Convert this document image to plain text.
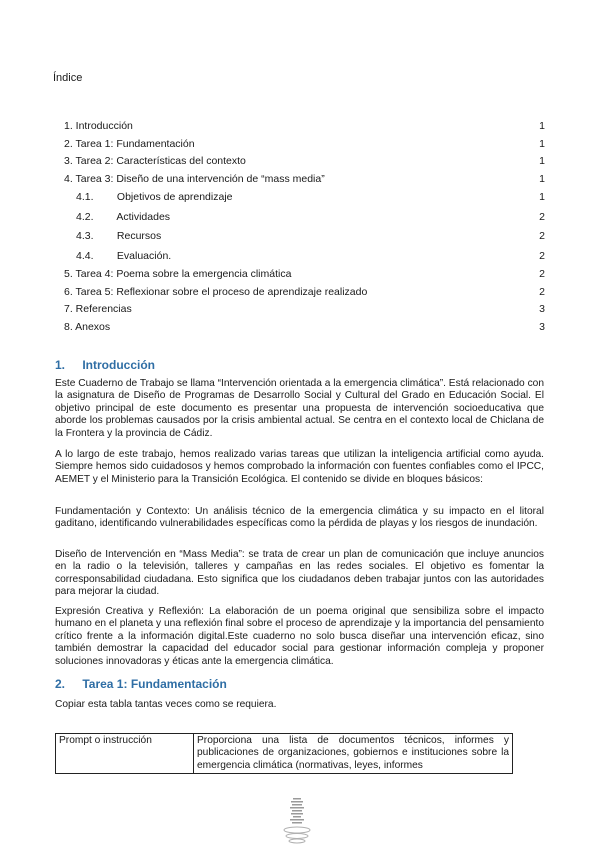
Índice
1. Introducción	1
2. Tarea 1: Fundamentación	1
3. Tarea 2: Características del contexto	1
4. Tarea 3: Diseño de una intervención de “mass media”	1
4.1. Objetivos de aprendizaje	1
4.2. Actividades	2
4.3. Recursos	2
4.4. Evaluación.	2
5. Tarea 4: Poema sobre la emergencia climática	2
6. Tarea 5: Reflexionar sobre el proceso de aprendizaje realizado	2
7. Referencias	3
8. Anexos	3
1. Introducción

Este Cuaderno de Trabajo se llama “Intervención orientada a la emergencia climática”. Está relacionado con la asignatura de Diseño de Programas de Desarrollo Social y Cultural del Grado en Educación Social. El objetivo principal de este documento es presentar una propuesta de intervención socioeducativa que aborde los problemas causados por la crisis ambiental actual. Se centra en el contexto local de Chiclana de la Frontera y la provincia de Cádiz.

A lo largo de este trabajo, hemos realizado varias tareas que utilizan la inteligencia artificial como ayuda. Siempre hemos sido cuidadosos y hemos comprobado la información con fuentes confiables como el IPCC, AEMET y el Ministerio para la Transición Ecológica. El contenido se divide en bloques básicos:

Fundamentación y Contexto: Un análisis técnico de la emergencia climática y su impacto en el litoral gaditano, identificando vulnerabilidades específicas como la pérdida de playas y los riesgos de inundación.

Diseño de Intervención en “Mass Media”: se trata de crear un plan de comunicación que incluye anuncios en la radio o la televisión, talleres y campañas en las redes sociales. El objetivo es fomentar la corresponsabilidad ciudadana. Esto significa que los ciudadanos deben trabajar juntos con las autoridades para mejorar la ciudad.

Expresión Creativa y Reflexión: La elaboración de un poema original que sensibiliza sobre el impacto humano en el planeta y una reflexión final sobre el proceso de aprendizaje y la importancia del pensamiento crítico frente a la información digital.Este cuaderno no solo busca diseñar una intervención eficaz, sino también demostrar la capacidad del educador social para gestionar información compleja y proponer soluciones innovadoras y éticas ante la emergencia climática.

2. Tarea 1: Fundamentación

Copiar esta tabla tantas veces como se requiera.

Prompt o instrucción	Proporciona una lista de documentos técnicos, informes y publicaciones de organizaciones, gobiernos e instituciones sobre la emergencia climática (normativas, leyes, informes
